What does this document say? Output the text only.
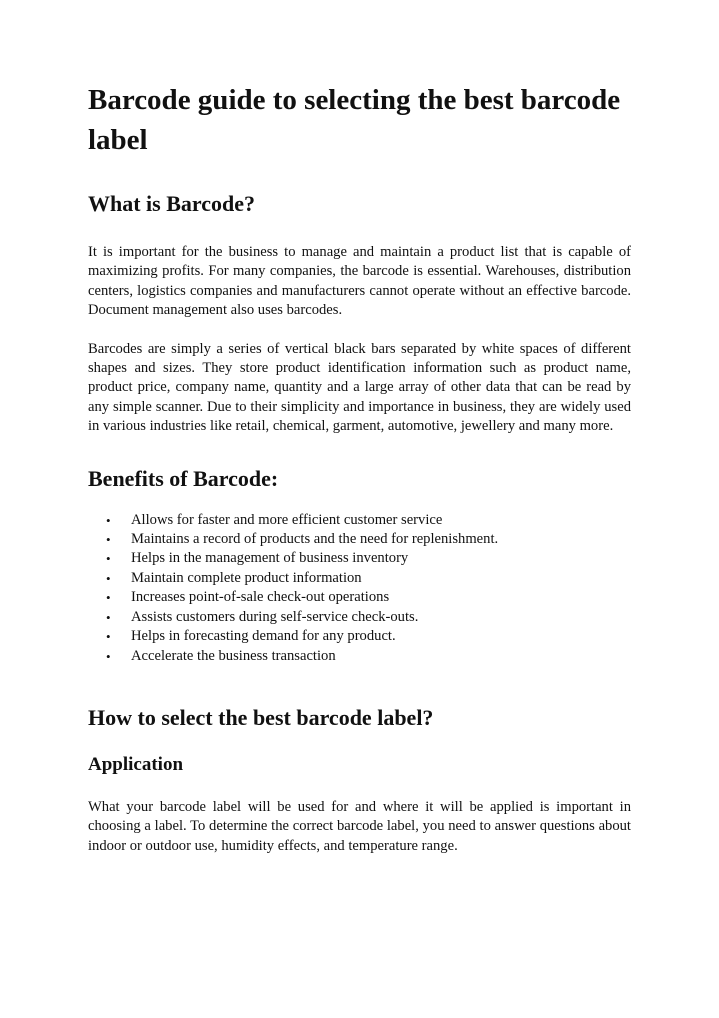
Barcode guide to selecting the best barcode label
What is Barcode?

It is important for the business to manage and maintain a product list that is capable of maximizing profits. For many companies, the barcode is essential. Warehouses, distribution centers, logistics companies and manufacturers cannot operate without an effective barcode. Document management also uses barcodes.

Barcodes are simply a series of vertical black bars separated by white spaces of different shapes and sizes. They store product identification information such as product name, product price, company name, quantity and a large array of other data that can be read by any simple scanner. Due to their simplicity and importance in business, they are widely used in various industries like retail, chemical, garment, automotive, jewellery and many more.

Benefits of Barcode:
• Allows for faster and more efficient customer service
• Maintains a record of products and the need for replenishment.
• Helps in the management of business inventory
• Maintain complete product information
• Increases point-of-sale check-out operations
• Assists customers during self-service check-outs.
• Helps in forecasting demand for any product.
• Accelerate the business transaction
How to select the best barcode label?
Application

What your barcode label will be used for and where it will be applied is important in choosing a label. To determine the correct barcode label, you need to answer questions about indoor or outdoor use, humidity effects, and temperature range.
